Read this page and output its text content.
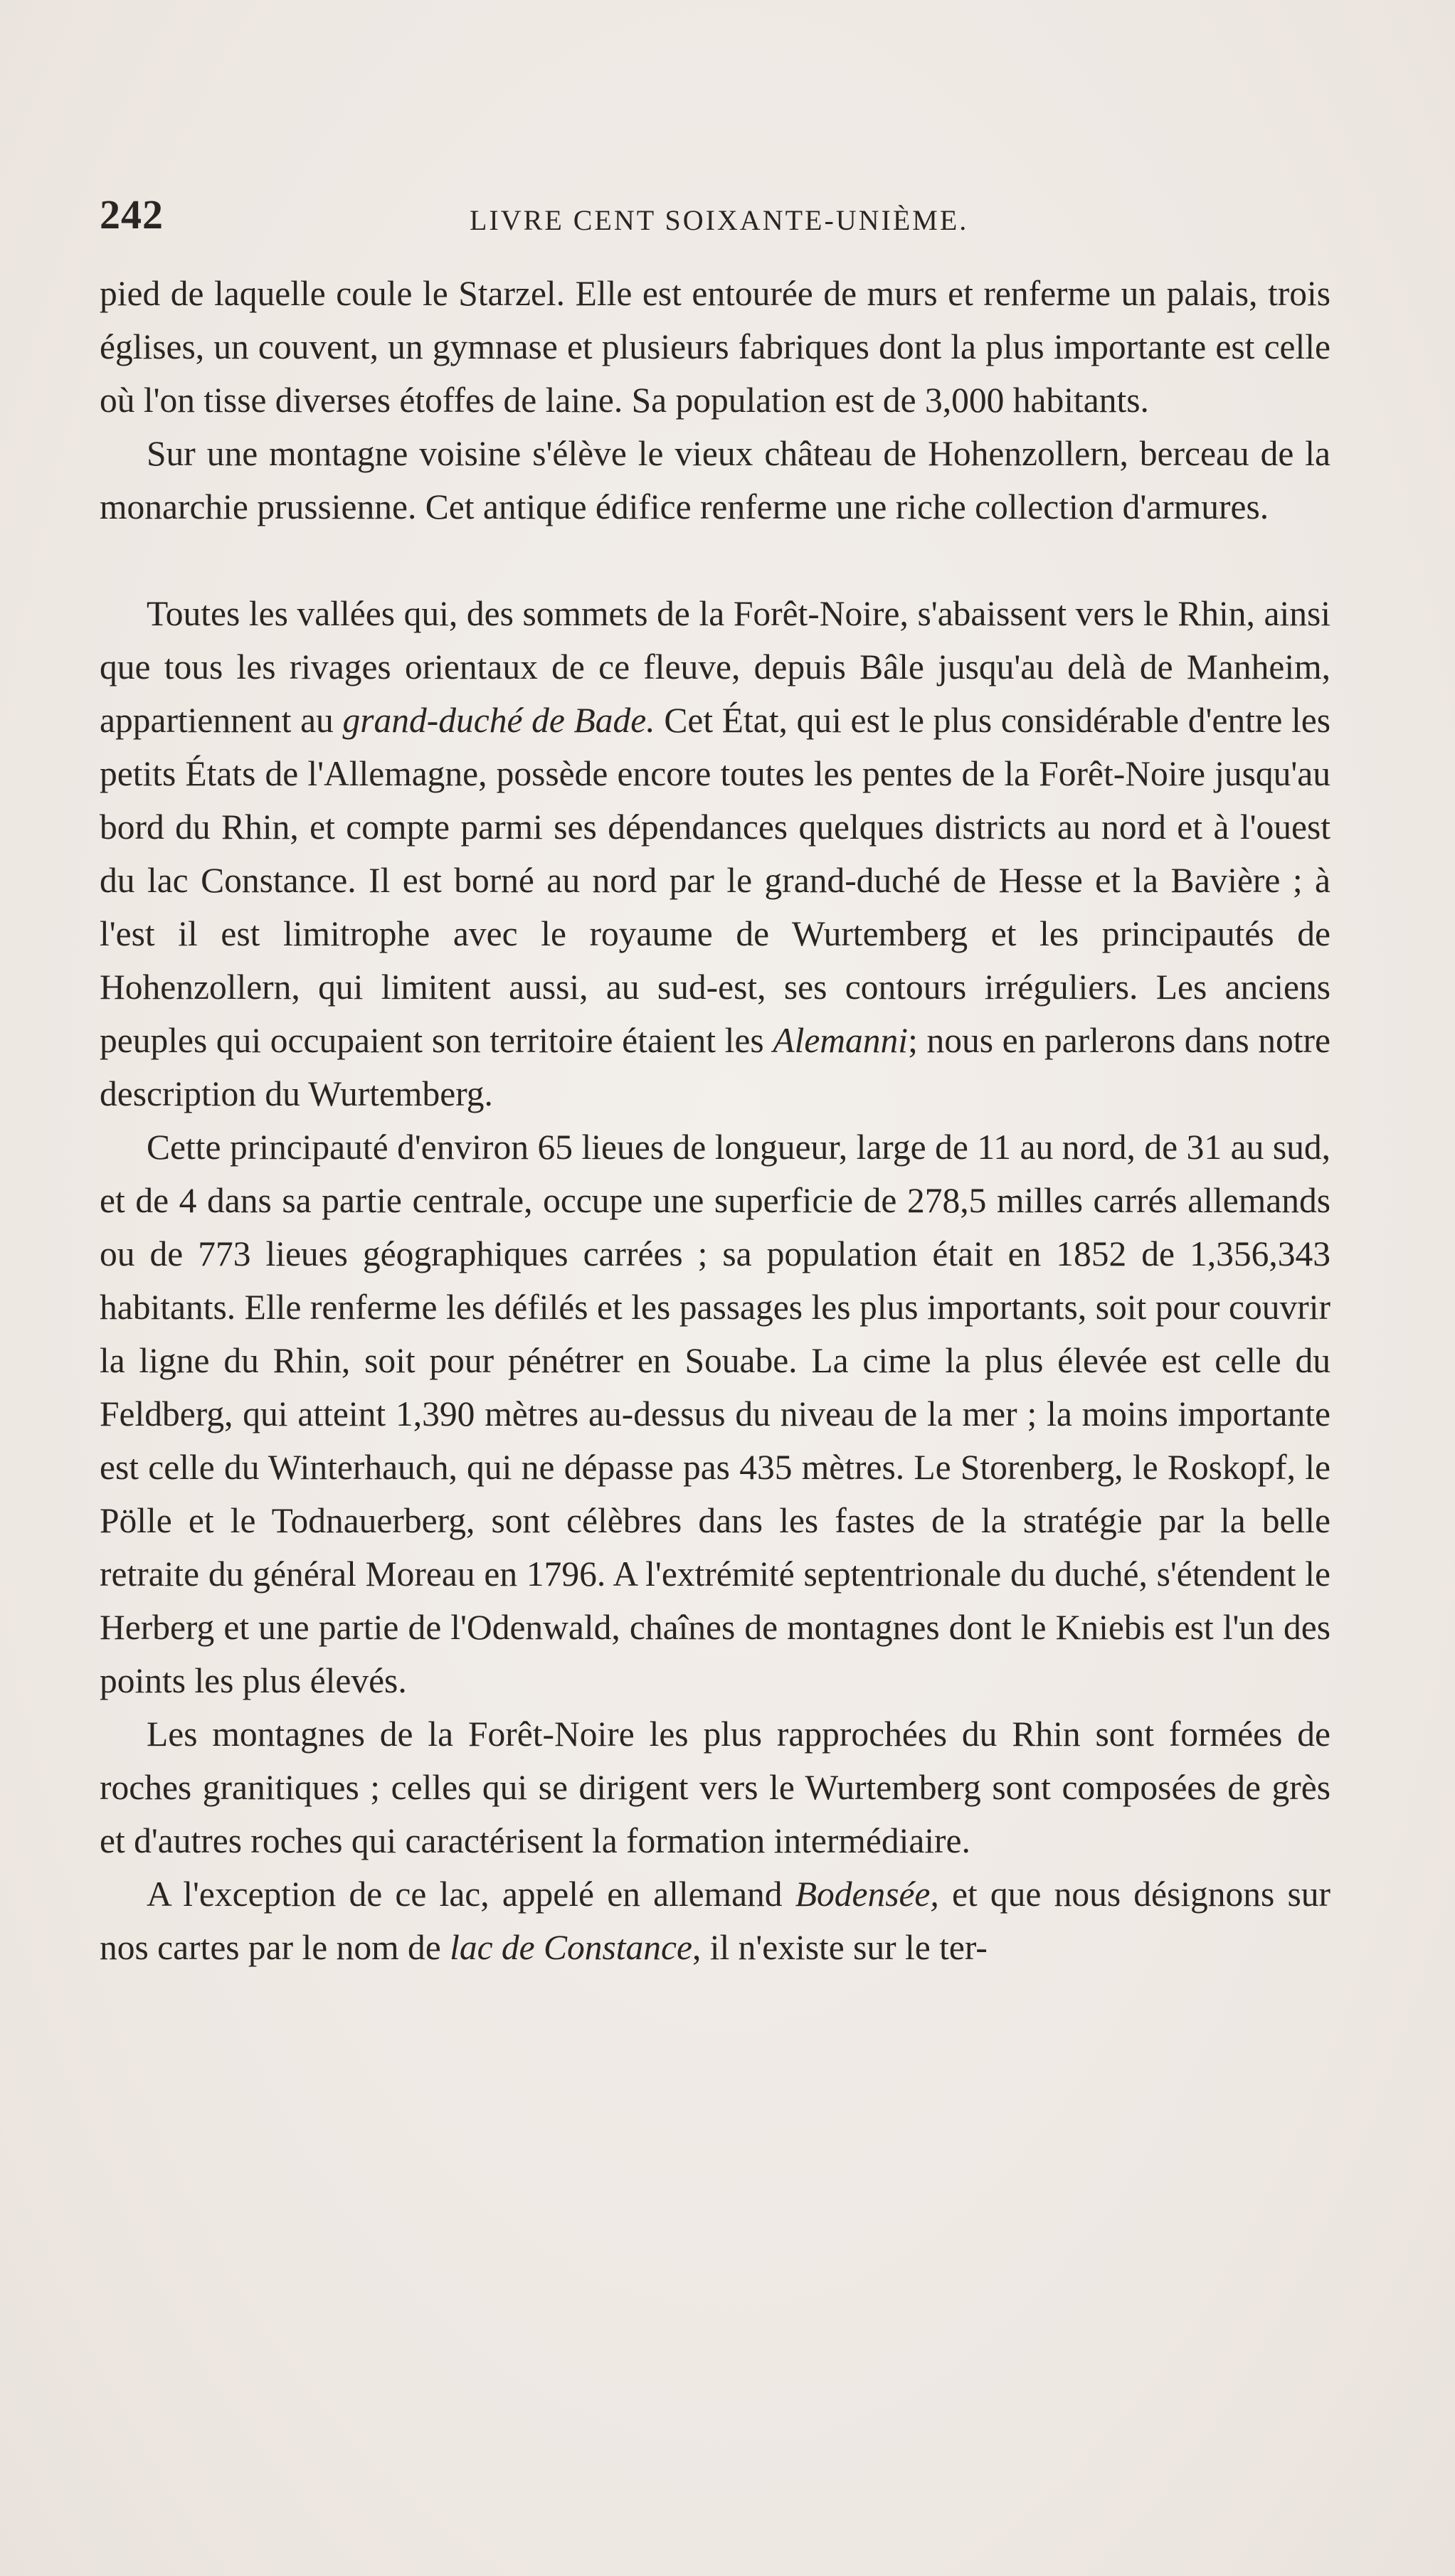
242	LIVRE CENT SOIXANTE-UNIÈME.

pied de laquelle coule le Starzel. Elle est entourée de murs et renferme un palais, trois églises, un couvent, un gymnase et plusieurs fabriques dont la plus importante est celle où l'on tisse diverses étoffes de laine. Sa population est de 3,000 habitants.

Sur une montagne voisine s'élève le vieux château de Hohenzollern, berceau de la monarchie prussienne. Cet antique édifice renferme une riche collection d'armures.

Toutes les vallées qui, des sommets de la Forêt-Noire, s'abaissent vers le Rhin, ainsi que tous les rivages orientaux de ce fleuve, depuis Bâle jusqu'au delà de Manheim, appartiennent au grand-duché de Bade. Cet État, qui est le plus considérable d'entre les petits États de l'Allemagne, possède encore toutes les pentes de la Forêt-Noire jusqu'au bord du Rhin, et compte parmi ses dépendances quelques districts au nord et à l'ouest du lac Constance. Il est borné au nord par le grand-duché de Hesse et la Bavière ; à l'est il est limitrophe avec le royaume de Wurtemberg et les principautés de Hohenzollern, qui limitent aussi, au sud-est, ses contours irréguliers. Les anciens peuples qui occupaient son territoire étaient les Alemanni; nous en parlerons dans notre description du Wurtemberg.

Cette principauté d'environ 65 lieues de longueur, large de 11 au nord, de 31 au sud, et de 4 dans sa partie centrale, occupe une superficie de 278,5 milles carrés allemands ou de 773 lieues géographiques carrées ; sa population était en 1852 de 1,356,343 habitants. Elle renferme les défilés et les passages les plus importants, soit pour couvrir la ligne du Rhin, soit pour pénétrer en Souabe. La cime la plus élevée est celle du Feldberg, qui atteint 1,390 mètres au-dessus du niveau de la mer ; la moins importante est celle du Winterhauch, qui ne dépasse pas 435 mètres. Le Storenberg, le Roskopf, le Pölle et le Todnauerberg, sont célèbres dans les fastes de la stratégie par la belle retraite du général Moreau en 1796. A l'extrémité septentrionale du duché, s'étendent le Herberg et une partie de l'Odenwald, chaînes de montagnes dont le Kniebis est l'un des points les plus élevés.

Les montagnes de la Forêt-Noire les plus rapprochées du Rhin sont formées de roches granitiques ; celles qui se dirigent vers le Wurtemberg sont composées de grès et d'autres roches qui caractérisent la formation intermédiaire.

A l'exception de ce lac, appelé en allemand Bodensée, et que nous désignons sur nos cartes par le nom de lac de Constance, il n'existe sur le ter-
